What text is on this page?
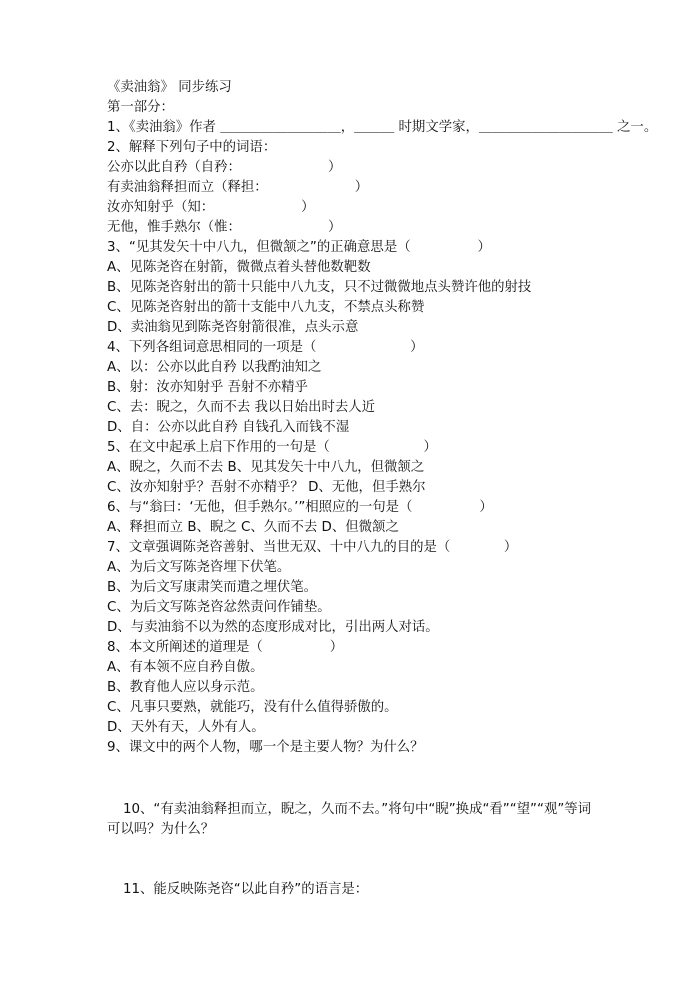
《卖油翁》 同步练习
第一部分：
1、《卖油翁》作者 ＿＿＿＿＿＿＿＿＿，＿＿＿ 时期文学家，＿＿＿＿＿＿＿＿＿＿ 之一。
2、解释下列句子中的词语：
公亦以此自矜（自矜：　　　　　　　）
有卖油翁释担而立（释担：　　　　　　　）
汝亦知射乎（知：　　　　　　　）
无他，惟手熟尔（惟：　　　　　　　）
3、“见其发矢十中八九，但微颔之”的正确意思是（　　　　　）
A、见陈尧咨在射箭，微微点着头替他数靶数
B、见陈尧咨射出的箭十只能中八九支，只不过微微地点头赞许他的射技
C、见陈尧咨射出的箭十支能中八九支，不禁点头称赞
D、卖油翁见到陈尧咨射箭很准，点头示意
4、下列各组词意思相同的一项是（　　　　　　　）
A、以：公亦以此自矜 以我酌油知之
B、射：汝亦知射乎 吾射不亦精乎
C、去：睨之，久而不去 我以日始出时去人近
D、自：公亦以此自矜 自钱孔入而钱不湿
5、在文中起承上启下作用的一句是（　　　　　　　）
A、睨之，久而不去 B、见其发矢十中八九，但微颔之
C、汝亦知射乎？吾射不亦精乎？ D、无他，但手熟尔
6、与“翁曰：‘无他，但手熟尔。’”相照应的一句是（　　　　　）
A、释担而立 B、睨之 C、久而不去 D、但微颔之
7、文章强调陈尧咨善射、当世无双、十中八九的目的是（　　　　）
A、为后文写陈尧咨埋下伏笔。
B、为后文写康肃笑而遣之埋伏笔。
C、为后文写陈尧咨忿然责问作铺垫。
D、与卖油翁不以为然的态度形成对比，引出两人对话。
8、本文所阐述的道理是（　　　　　）
A、有本领不应自矜自傲。
B、教育他人应以身示范。
C、凡事只要熟，就能巧，没有什么值得骄傲的。
D、天外有天，人外有人。
9、课文中的两个人物，哪一个是主要人物？为什么？
10、“有卖油翁释担而立，睨之，久而不去。”将句中“睨”换成“看”“望”“观”等词
可以吗？为什么？
11、能反映陈尧咨“以此自矜”的语言是：
